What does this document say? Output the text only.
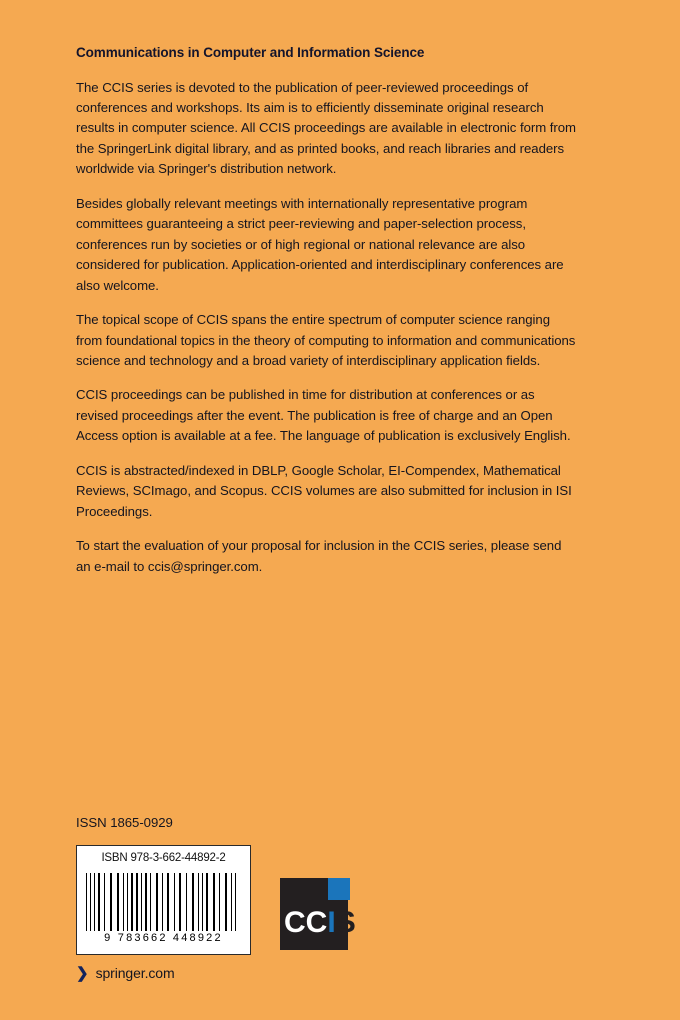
Communications in Computer and Information Science

The CCIS series is devoted to the publication of peer-reviewed proceedings of conferences and workshops. Its aim is to efficiently disseminate original research results in computer science. All CCIS proceedings are available in electronic form from the SpringerLink digital library, and as printed books, and reach libraries and readers worldwide via Springer's distribution network.

Besides globally relevant meetings with internationally representative program committees guaranteeing a strict peer-reviewing and paper-selection process, conferences run by societies or of high regional or national relevance are also considered for publication. Application-oriented and interdisciplinary conferences are also welcome.

The topical scope of CCIS spans the entire spectrum of computer science ranging from foundational topics in the theory of computing to information and communications science and technology and a broad variety of interdisciplinary application fields.

CCIS proceedings can be published in time for distribution at conferences or as revised proceedings after the event. The publication is free of charge and an Open Access option is available at a fee. The language of publication is exclusively English.

CCIS is abstracted/indexed in DBLP, Google Scholar, EI-Compendex, Mathematical Reviews, SCImago, and Scopus. CCIS volumes are also submitted for inclusion in ISI Proceedings.

To start the evaluation of your proposal for inclusion in the CCIS series, please send an e-mail to ccis@springer.com.

ISSN 1865-0929
ISBN 978-3-662-44892-2
9 783662 448922	CCIS
❯ springer.com
